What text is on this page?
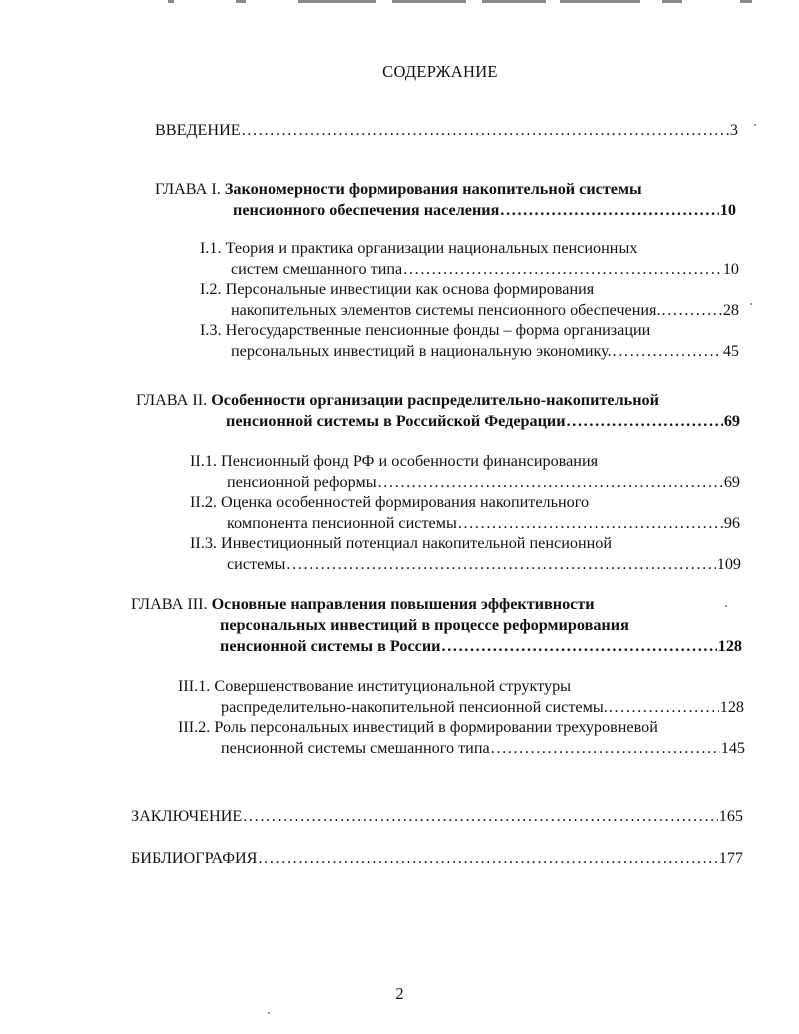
СОДЕРЖАНИЕ
ВВЕДЕНИЕ . . .	3
ГЛАВА I. Закономерности формирования накопительной системы
пенсионного обеспечения населения . . .	10
I.1. Теория и практика организации национальных пенсионных
систем смешанного типа . . .	10
I.2. Персональные инвестиции как основа формирования
накопительных элементов системы пенсионного обеспечения. . . .	28
I.3. Негосударственные пенсионные фонды – форма организации
персональных инвестиций в национальную экономику. . . .	45
ГЛАВА II. Особенности организации распределительно-накопительной
пенсионной системы в Российской Федерации . . .	69
II.1. Пенсионный фонд РФ и особенности финансирования
пенсионной реформы . . .	69
II.2. Оценка особенностей формирования накопительного
компонента пенсионной системы . . .	96
II.3. Инвестиционный потенциал накопительной пенсионной
системы . . .	109
ГЛАВА III. Основные направления повышения эффективности
персональных инвестиций в процессе реформирования
пенсионной системы в России . . .	128
III.1. Совершенствование институциональной структуры
распределительно-накопительной пенсионной системы. . . .	128
III.2. Роль персональных инвестиций в формировании трехуровневой
пенсионной системы смешанного типа . . .	145
ЗАКЛЮЧЕНИЕ . . .	165
БИБЛИОГРАФИЯ . . .	177
2
